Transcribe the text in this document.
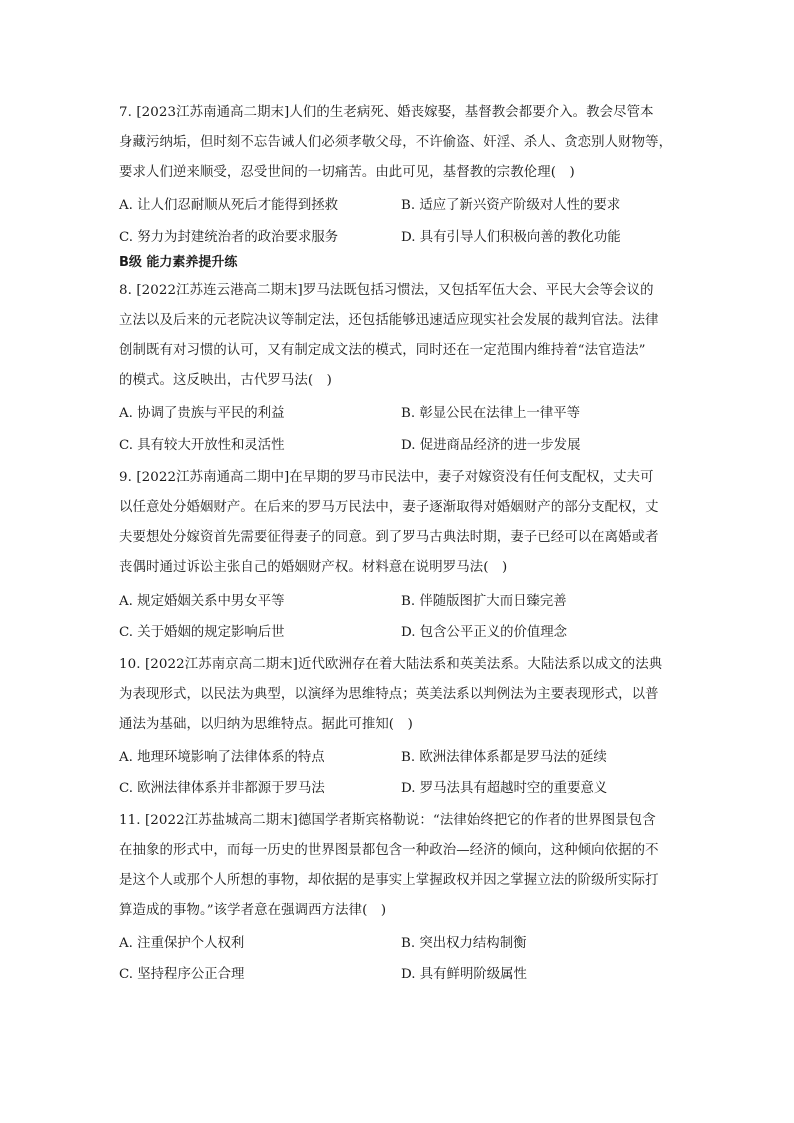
7. [2023江苏南通高二期末]人们的生老病死、婚丧嫁娶，基督教会都要介入。教会尽管本
身藏污纳垢，但时刻不忘告诫人们必须孝敬父母，不许偷盗、奸淫、杀人、贪恋别人财物等，
要求人们逆来顺受，忍受世间的一切痛苦。由此可见，基督教的宗教伦理(　)
A. 让人们忍耐顺从死后才能得到拯救	B. 适应了新兴资产阶级对人性的要求
C. 努力为封建统治者的政治要求服务	D. 具有引导人们积极向善的教化功能
B级 能力素养提升练
8. [2022江苏连云港高二期末]罗马法既包括习惯法，又包括军伍大会、平民大会等会议的
立法以及后来的元老院决议等制定法，还包括能够迅速适应现实社会发展的裁判官法。法律
创制既有对习惯的认可，又有制定成文法的模式，同时还在一定范围内维持着“法官造法”
的模式。这反映出，古代罗马法(　)
A. 协调了贵族与平民的利益	B. 彰显公民在法律上一律平等
C. 具有较大开放性和灵活性	D. 促进商品经济的进一步发展
9. [2022江苏南通高二期中]在早期的罗马市民法中，妻子对嫁资没有任何支配权，丈夫可
以任意处分婚姻财产。在后来的罗马万民法中，妻子逐渐取得对婚姻财产的部分支配权，丈
夫要想处分嫁资首先需要征得妻子的同意。到了罗马古典法时期，妻子已经可以在离婚或者
丧偶时通过诉讼主张自己的婚姻财产权。材料意在说明罗马法(　)
A. 规定婚姻关系中男女平等	B. 伴随版图扩大而日臻完善
C. 关于婚姻的规定影响后世	D. 包含公平正义的价值理念
10. [2022江苏南京高二期末]近代欧洲存在着大陆法系和英美法系。大陆法系以成文的法典
为表现形式，以民法为典型，以演绎为思维特点；英美法系以判例法为主要表现形式，以普
通法为基础，以归纳为思维特点。据此可推知(　)
A. 地理环境影响了法律体系的特点	B. 欧洲法律体系都是罗马法的延续
C. 欧洲法律体系并非都源于罗马法	D. 罗马法具有超越时空的重要意义
11. [2022江苏盐城高二期末]德国学者斯宾格勒说：“法律始终把它的作者的世界图景包含
在抽象的形式中，而每一历史的世界图景都包含一种政治—经济的倾向，这种倾向依据的不
是这个人或那个人所想的事物，却依据的是事实上掌握政权并因之掌握立法的阶级所实际打
算造成的事物。”该学者意在强调西方法律(　)
A. 注重保护个人权利	B. 突出权力结构制衡
C. 坚持程序公正合理	D. 具有鲜明阶级属性
